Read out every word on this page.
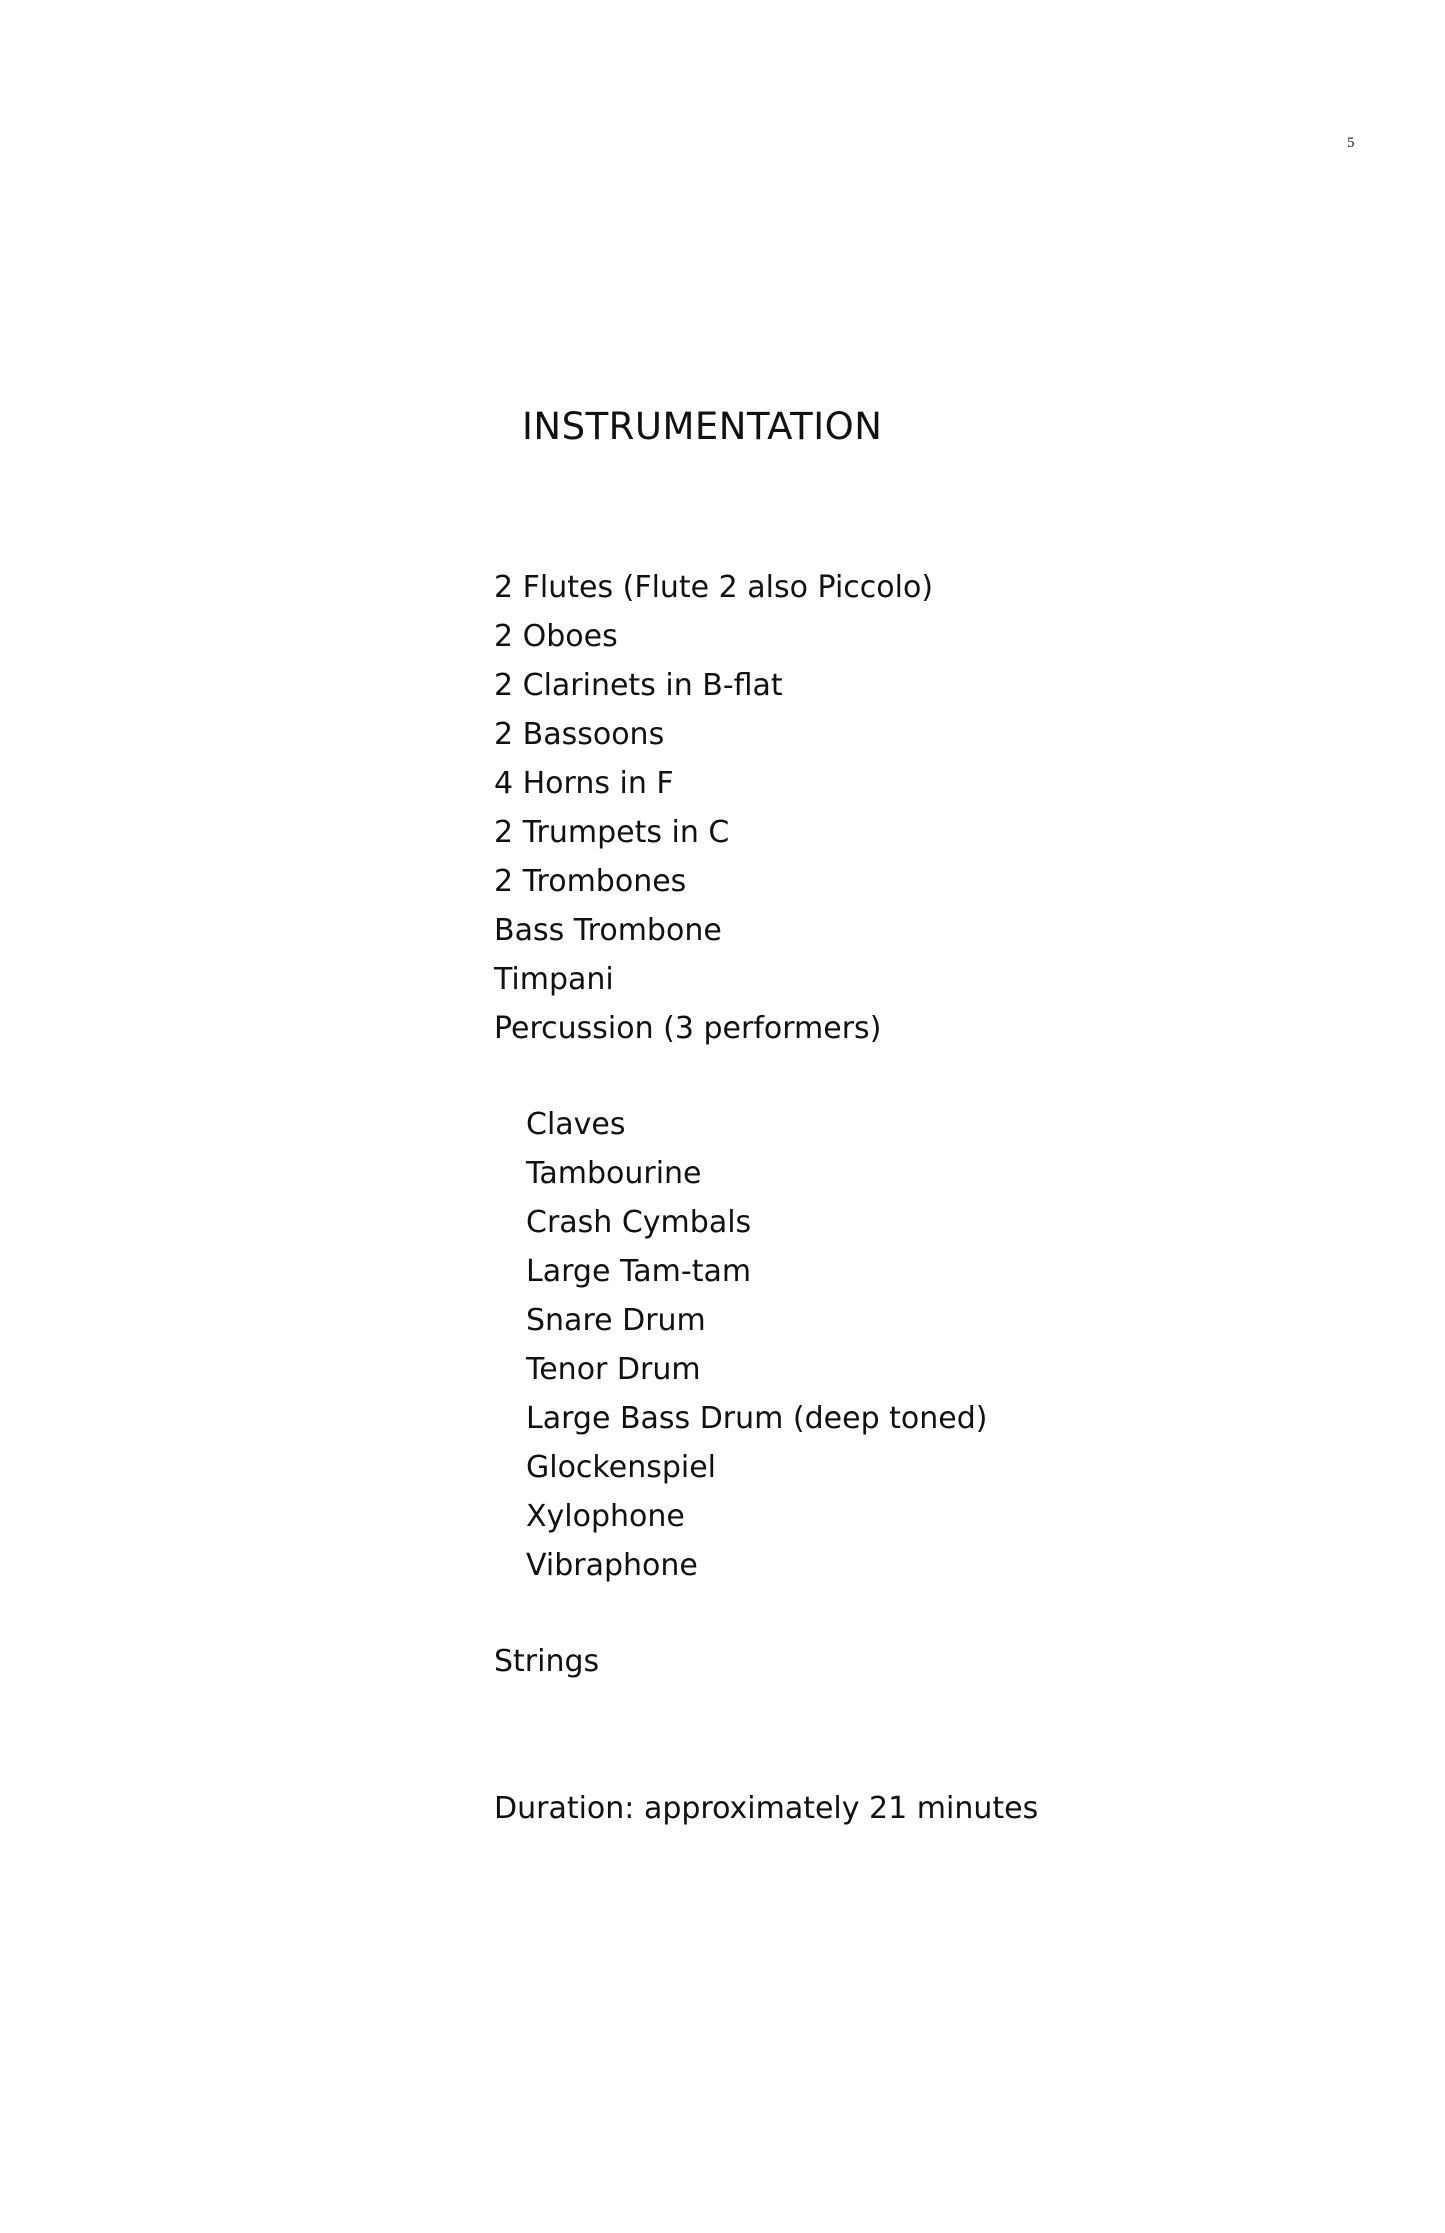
5
INSTRUMENTATION
2 Flutes (Flute 2 also Piccolo)
2 Oboes
2 Clarinets in B-flat
2 Bassoons
4 Horns in F
2 Trumpets in C
2 Trombones
Bass Trombone
Timpani
Percussion (3 performers)
Claves
Tambourine
Crash Cymbals
Large Tam-tam
Snare Drum
Tenor Drum
Large Bass Drum (deep toned)
Glockenspiel
Xylophone
Vibraphone

Strings

Duration: approximately 21 minutes
